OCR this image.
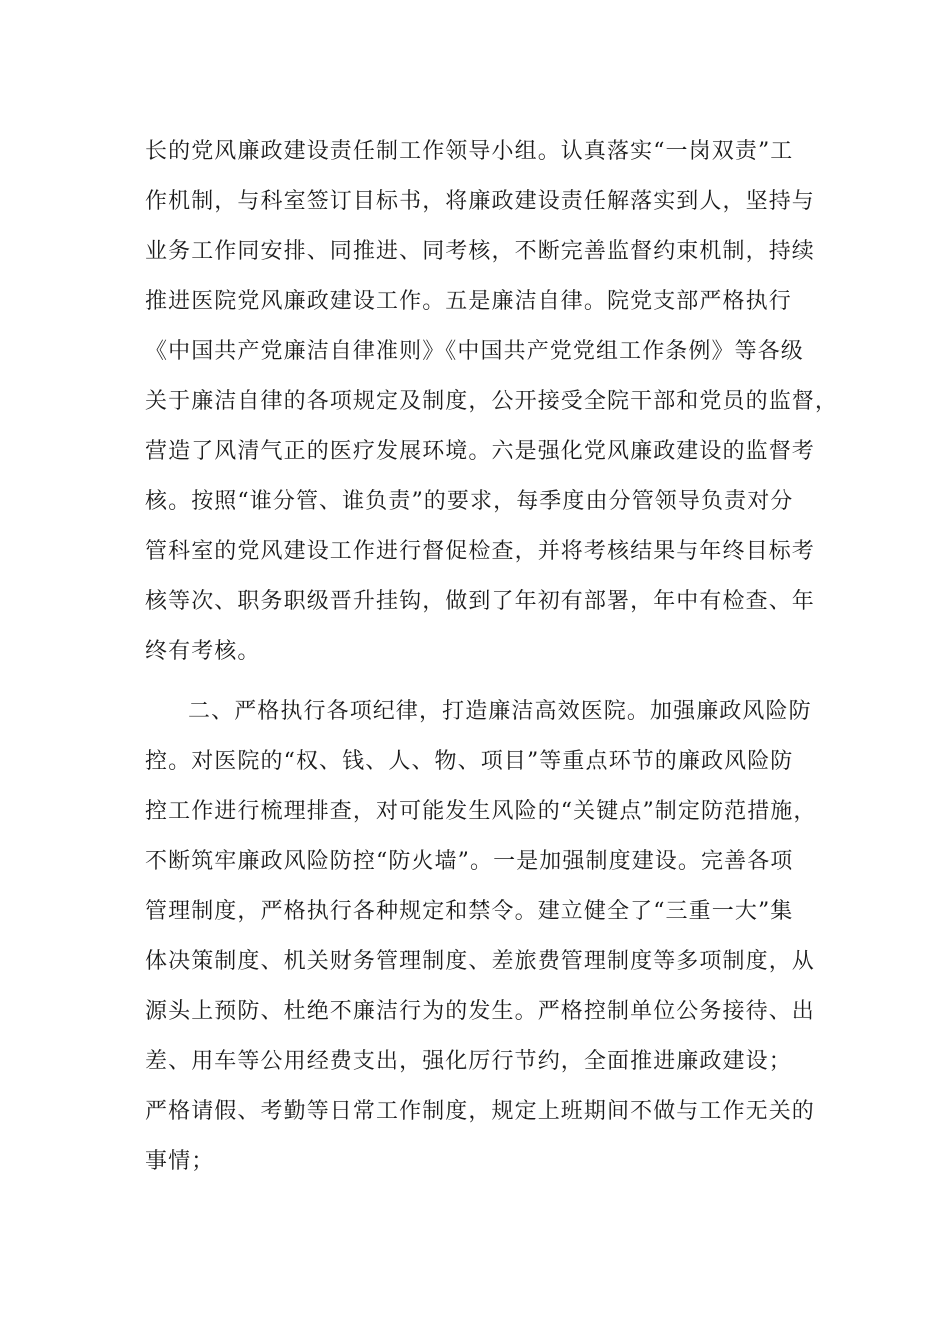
长的党风廉政建设责任制工作领导小组。认真落实“一岗双责”工
作机制，与科室签订目标书，将廉政建设责任解落实到人，坚持与
业务工作同安排、同推进、同考核，不断完善监督约束机制，持续
推进医院党风廉政建设工作。五是廉洁自律。院党支部严格执行
《中国共产党廉洁自律准则》《中国共产党党组工作条例》等各级
关于廉洁自律的各项规定及制度，公开接受全院干部和党员的监督，
营造了风清气正的医疗发展环境。六是强化党风廉政建设的监督考
核。按照“谁分管、谁负责”的要求，每季度由分管领导负责对分
管科室的党风建设工作进行督促检查，并将考核结果与年终目标考
核等次、职务职级晋升挂钩，做到了年初有部署，年中有检查、年
终有考核。
二、严格执行各项纪律，打造廉洁高效医院。加强廉政风险防
控。对医院的“权、钱、人、物、项目”等重点环节的廉政风险防
控工作进行梳理排查，对可能发生风险的“关键点”制定防范措施，
不断筑牢廉政风险防控“防火墙”。一是加强制度建设。完善各项
管理制度，严格执行各种规定和禁令。建立健全了“三重一大”集
体决策制度、机关财务管理制度、差旅费管理制度等多项制度，从
源头上预防、杜绝不廉洁行为的发生。严格控制单位公务接待、出
差、用车等公用经费支出，强化厉行节约，全面推进廉政建设；
严格请假、考勤等日常工作制度，规定上班期间不做与工作无关的
事情；
